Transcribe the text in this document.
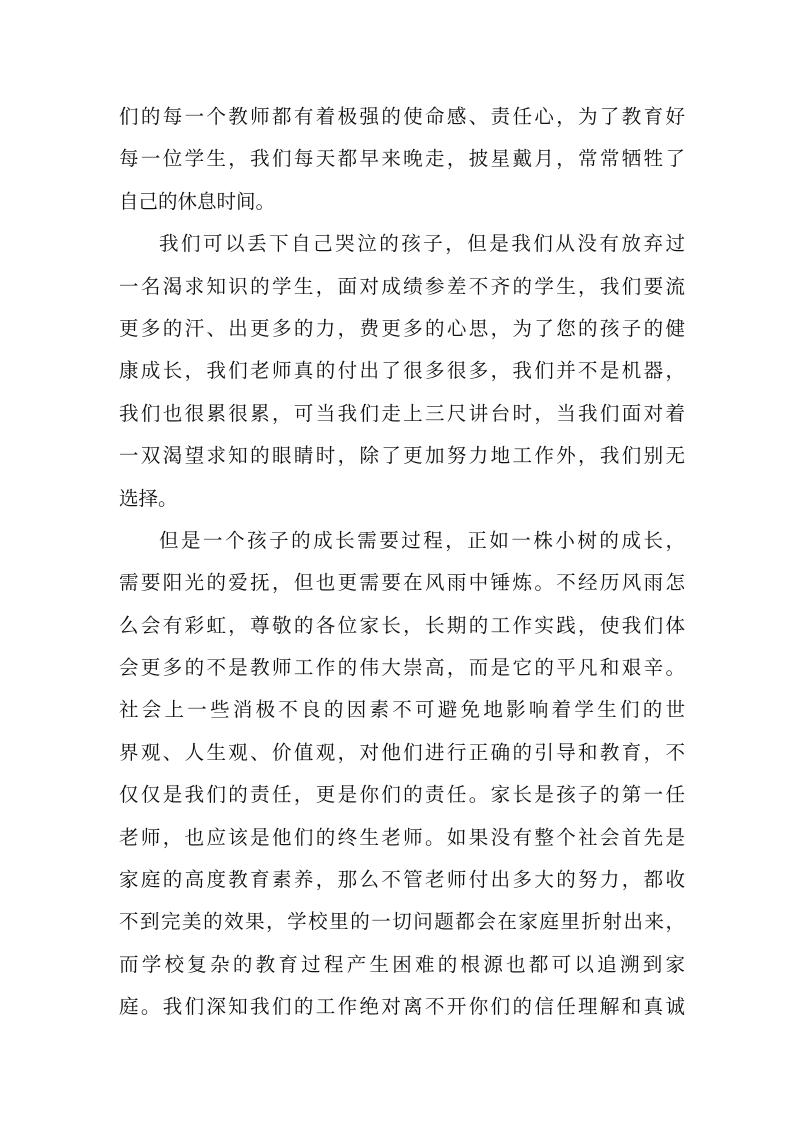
们的每一个教师都有着极强的使命感、责任心，为了教育好
每一位学生，我们每天都早来晚走，披星戴月，常常牺牲了
自己的休息时间。
我们可以丢下自己哭泣的孩子，但是我们从没有放弃过
一名渴求知识的学生，面对成绩参差不齐的学生，我们要流
更多的汗、出更多的力，费更多的心思，为了您的孩子的健
康成长，我们老师真的付出了很多很多，我们并不是机器，
我们也很累很累，可当我们走上三尺讲台时，当我们面对着
一双渴望求知的眼睛时，除了更加努力地工作外，我们别无
选择。
但是一个孩子的成长需要过程，正如一株小树的成长，
需要阳光的爱抚，但也更需要在风雨中锤炼。不经历风雨怎
么会有彩虹，尊敬的各位家长，长期的工作实践，使我们体
会更多的不是教师工作的伟大崇高，而是它的平凡和艰辛。
社会上一些消极不良的因素不可避免地影响着学生们的世
界观、人生观、价值观，对他们进行正确的引导和教育，不
仅仅是我们的责任，更是你们的责任。家长是孩子的第一任
老师，也应该是他们的终生老师。如果没有整个社会首先是
家庭的高度教育素养，那么不管老师付出多大的努力，都收
不到完美的效果，学校里的一切问题都会在家庭里折射出来，
而学校复杂的教育过程产生困难的根源也都可以追溯到家
庭。我们深知我们的工作绝对离不开你们的信任理解和真诚
